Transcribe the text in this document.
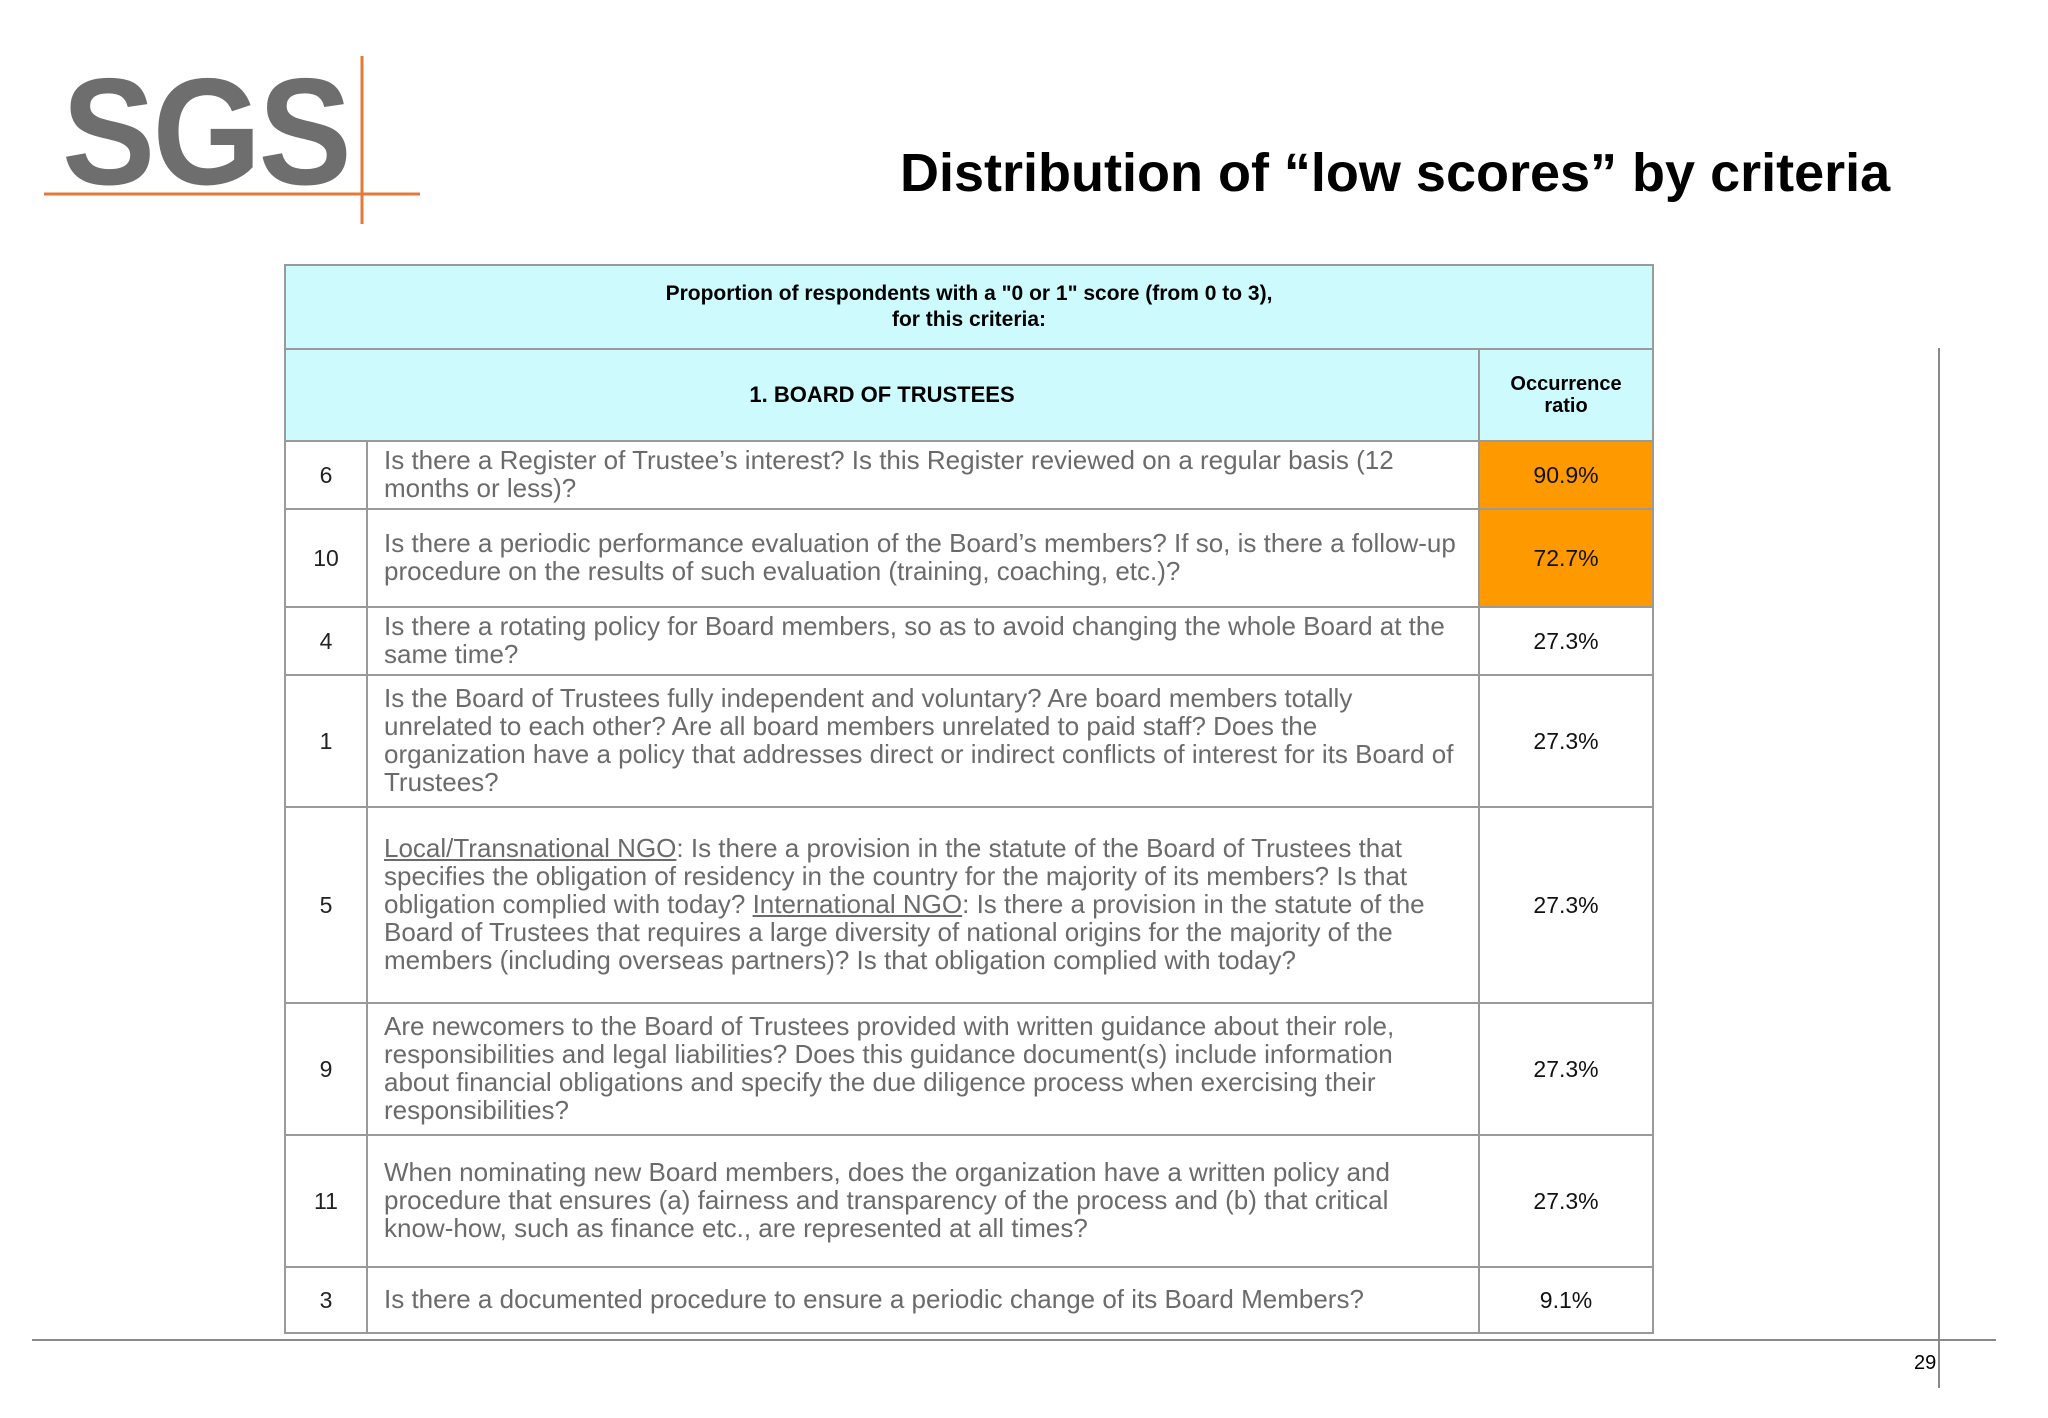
SGS	Distribution of “low scores” by criteria
Proportion of respondents with a "0 or 1" score (from 0 to 3),
for this criteria:		

1. BOARD OF TRUSTEES		Occurrence
ratio

6	Is there a Register of Trustee’s interest? Is this Register reviewed on a regular basis (12 months or less)?	90.9%
10	Is there a periodic performance evaluation of the Board’s members? If so, is there a follow-up procedure on the results of such evaluation (training, coaching, etc.)?	72.7%
4	Is there a rotating policy for Board members, so as to avoid changing the whole Board at the same time?	27.3%
1	Is the Board of Trustees fully independent and voluntary? Are board members totally unrelated to each other? Are all board members unrelated to paid staff? Does the organization have a policy that addresses direct or indirect conflicts of interest for its Board of Trustees?	27.3%
5	Local/Transnational NGO: Is there a provision in the statute of the Board of Trustees that specifies the obligation of residency in the country for the majority of its members? Is that obligation complied with today? International NGO: Is there a provision in the statute of the Board of Trustees that requires a large diversity of national origins for the majority of the members (including overseas partners)? Is that obligation complied with today?	27.3%
9	Are newcomers to the Board of Trustees provided with written guidance about their role, responsibilities and legal liabilities? Does this guidance document(s) include information about financial obligations and specify the due diligence process when exercising their responsibilities?	27.3%
11	When nominating new Board members, does the organization have a written policy and procedure that ensures (a) fairness and transparency of the process and (b) that critical know-how, such as finance etc., are represented at all times?	27.3%
3	Is there a documented procedure to ensure a periodic change of its Board Members?	9.1%
29
